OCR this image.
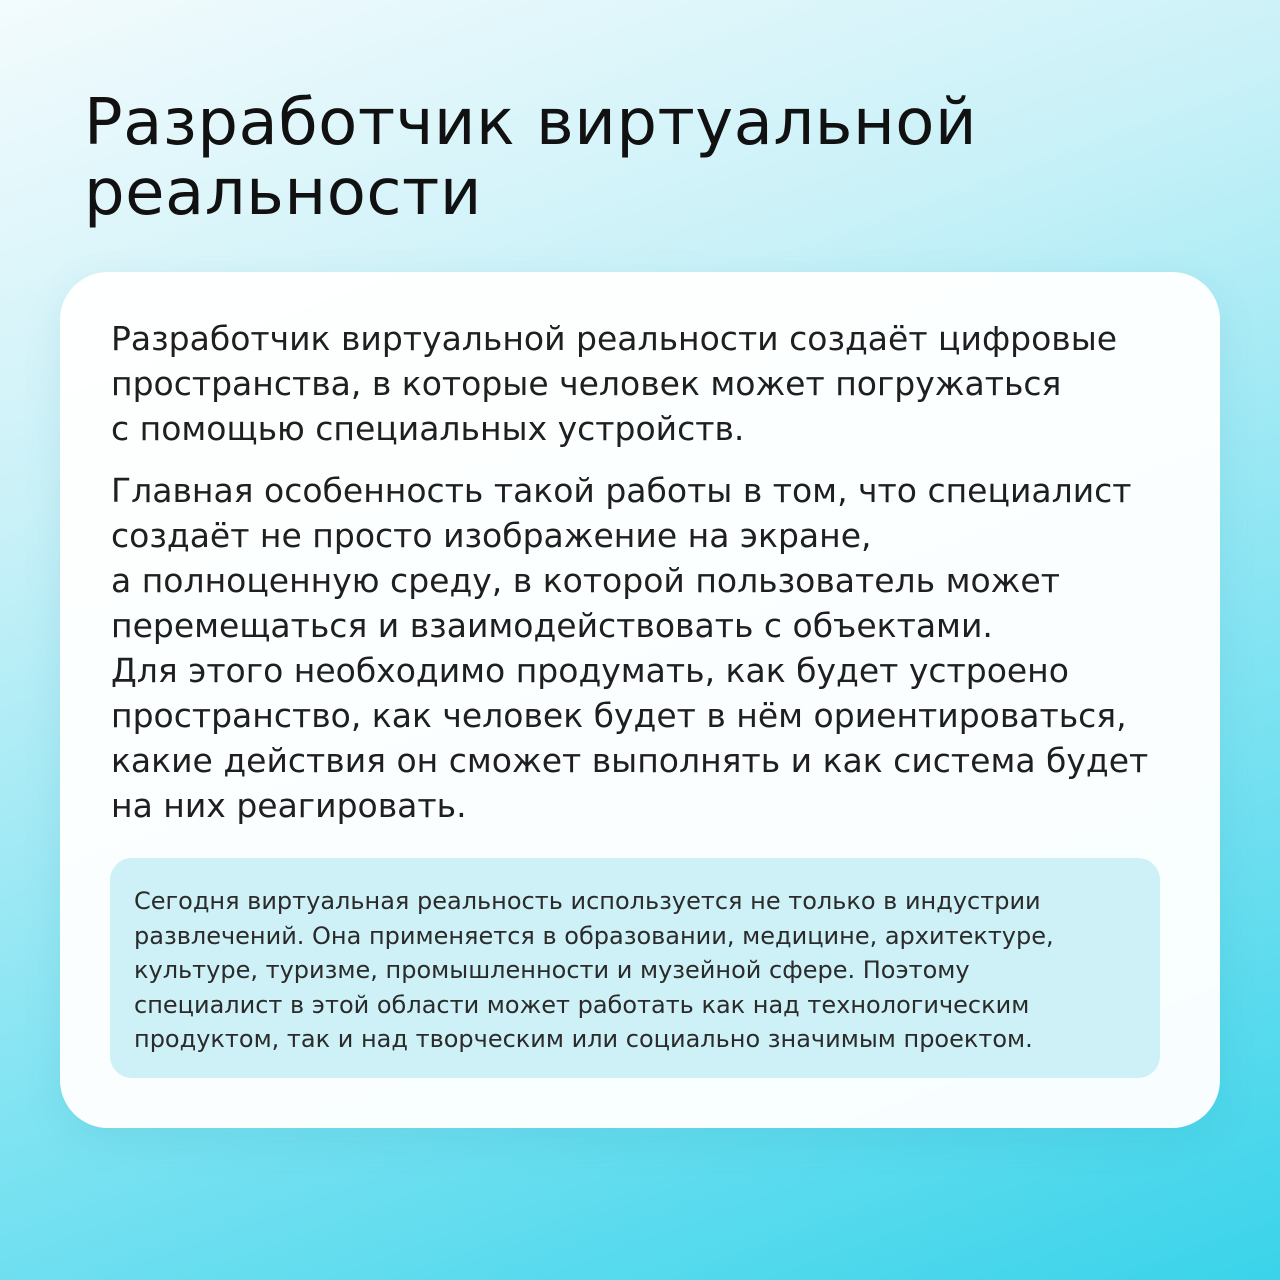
Разработчик виртуальной
реальности

Разработчик виртуальной реальности создаёт цифровые
пространства, в которые человек может погружаться
с помощью специальных устройств.

Главная особенность такой работы в том, что специалист
создаёт не просто изображение на экране,
а полноценную среду, в которой пользователь может
перемещаться и взаимодействовать с объектами.
Для этого необходимо продумать, как будет устроено
пространство, как человек будет в нём ориентироваться,
какие действия он сможет выполнять и как система будет
на них реагировать.

Сегодня виртуальная реальность используется не только в индустрии
развлечений. Она применяется в образовании, медицине, архитектуре,
культуре, туризме, промышленности и музейной сфере. Поэтому
специалист в этой области может работать как над технологическим
продуктом, так и над творческим или социально значимым проектом.
